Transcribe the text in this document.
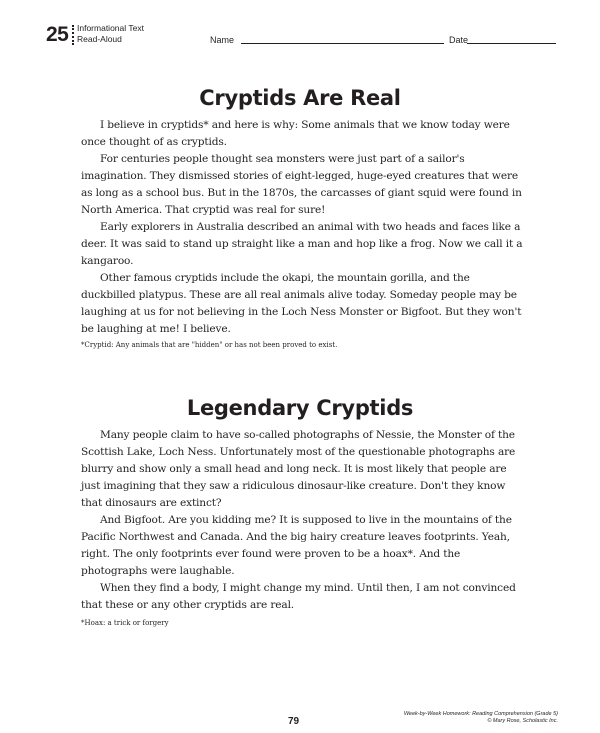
25 Informational Text
Read-Aloud	Name	Date
Cryptids Are Real

I believe in cryptids* and here is why: Some animals that we know today were once thought of as cryptids.

For centuries people thought sea monsters were just part of a sailor's imagination. They dismissed stories of eight-legged, huge-eyed creatures that were as long as a school bus. But in the 1870s, the carcasses of giant squid were found in North America. That cryptid was real for sure!

Early explorers in Australia described an animal with two heads and faces like a deer. It was said to stand up straight like a man and hop like a frog. Now we call it a kangaroo.

Other famous cryptids include the okapi, the mountain gorilla, and the duckbilled platypus. These are all real animals alive today. Someday people may be laughing at us for not believing in the Loch Ness Monster or Bigfoot. But they won't be laughing at me! I believe.

*Cryptid: Any animals that are "hidden" or has not been proved to exist.
Legendary Cryptids

Many people claim to have so-called photographs of Nessie, the Monster of the Scottish Lake, Loch Ness. Unfortunately most of the questionable photographs are blurry and show only a small head and long neck. It is most likely that people are just imagining that they saw a ridiculous dinosaur-like creature. Don't they know that dinosaurs are extinct?

And Bigfoot. Are you kidding me? It is supposed to live in the mountains of the Pacific Northwest and Canada. And the big hairy creature leaves footprints. Yeah, right. The only footprints ever found were proven to be a hoax*. And the photographs were laughable.

When they find a body, I might change my mind. Until then, I am not convinced that these or any other cryptids are real.

*Hoax: a trick or forgery
79
Week-by-Week Homework: Reading Comprehension (Grade 5)
© Mary Rose, Scholastic Inc.
